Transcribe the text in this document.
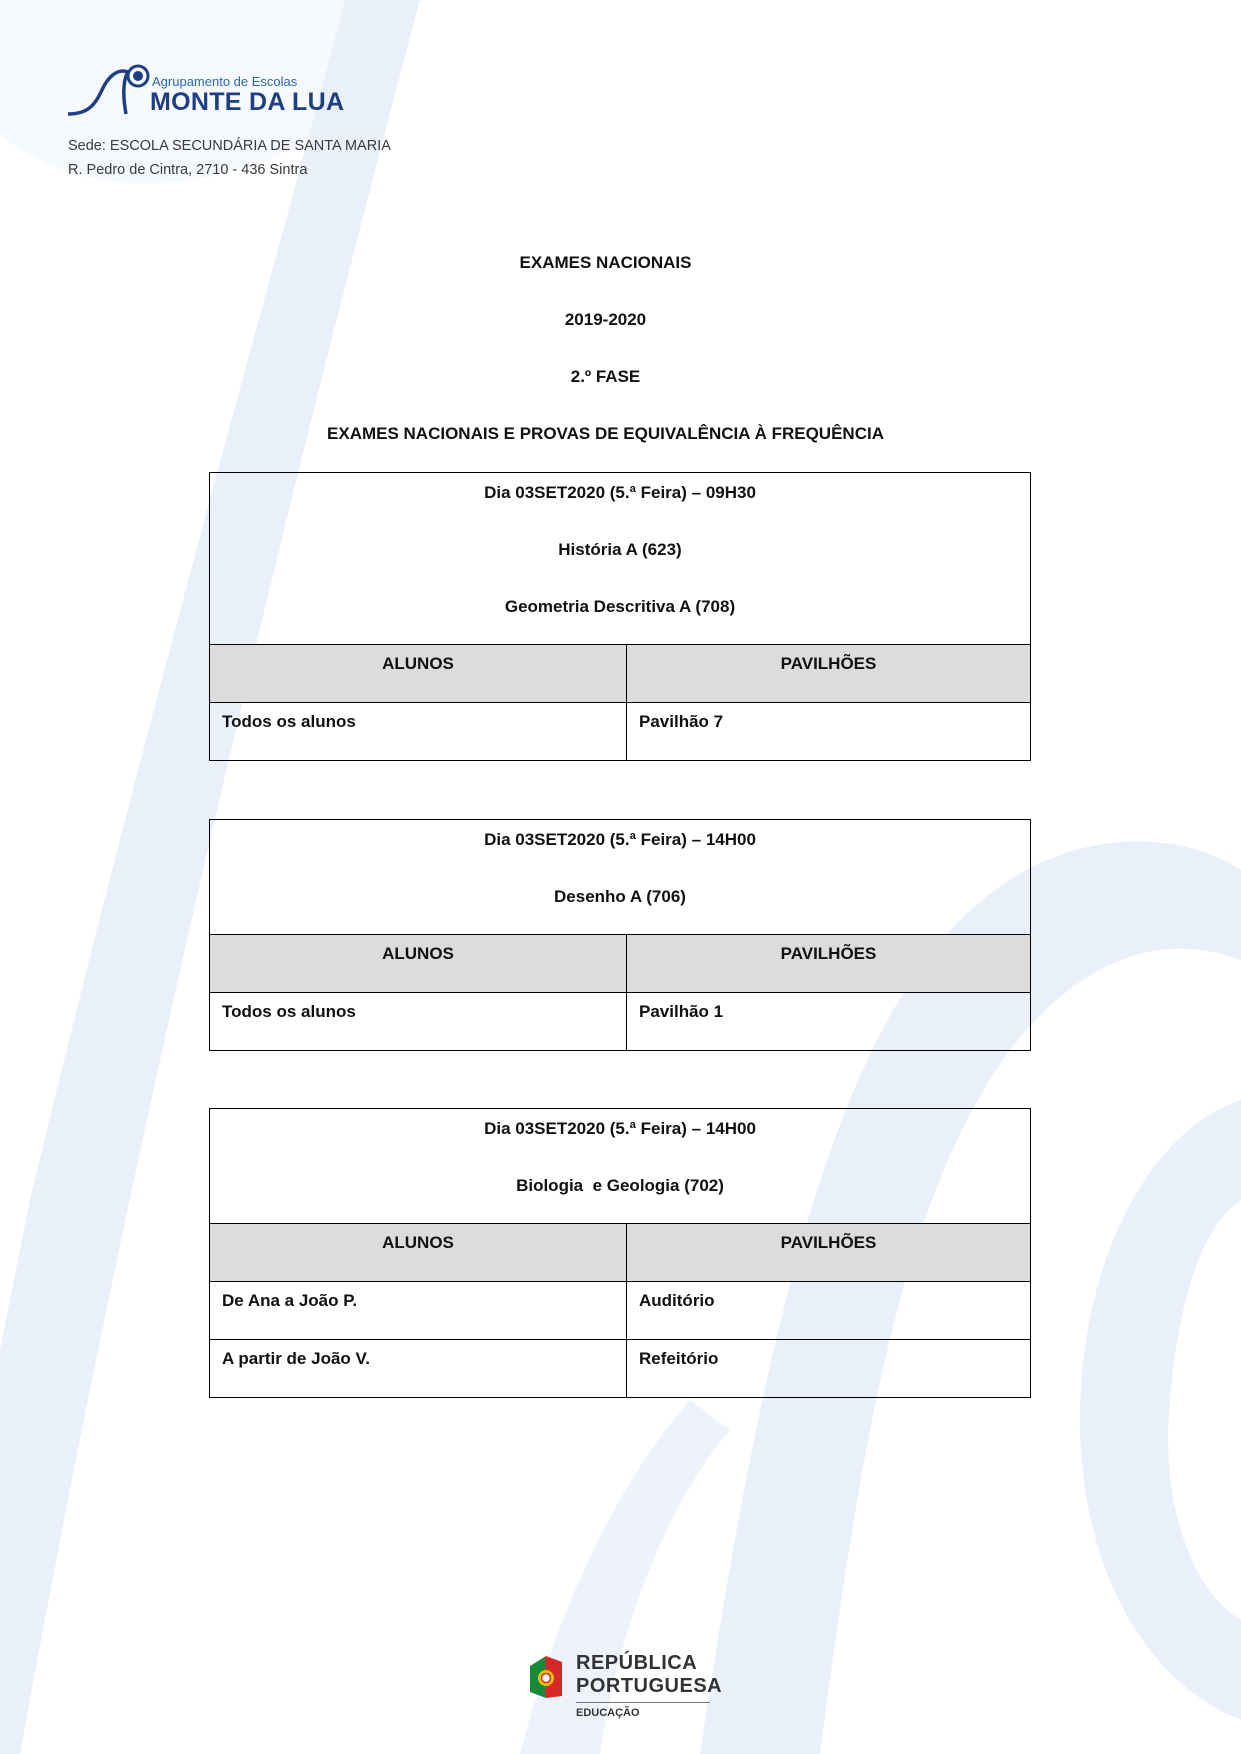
Agrupamento de Escolas
MONTE DA LUA
Sede: ESCOLA SECUNDÁRIA DE SANTA MARIA
R. Pedro de Cintra, 2710 - 436 Sintra
EXAMES NACIONAIS
2019-2020
2.º FASE
EXAMES NACIONAIS E PROVAS DE EQUIVALÊNCIA À FREQUÊNCIA
Dia 03SET2020 (5.ª Feira) – 09H30
História A (623)
Geometria Descritiva A (708)
ALUNOS	PAVILHÕES
Todos os alunos	Pavilhão 7
Dia 03SET2020 (5.ª Feira) – 14H00
Desenho A (706)
ALUNOS	PAVILHÕES
Todos os alunos	Pavilhão 1
Dia 03SET2020 (5.ª Feira) – 14H00
Biologia  e Geologia (702)
ALUNOS	PAVILHÕES
De Ana a João P.	Auditório
A partir de João V.	Refeitório
REPÚBLICA
PORTUGUESA
EDUCAÇÃO
